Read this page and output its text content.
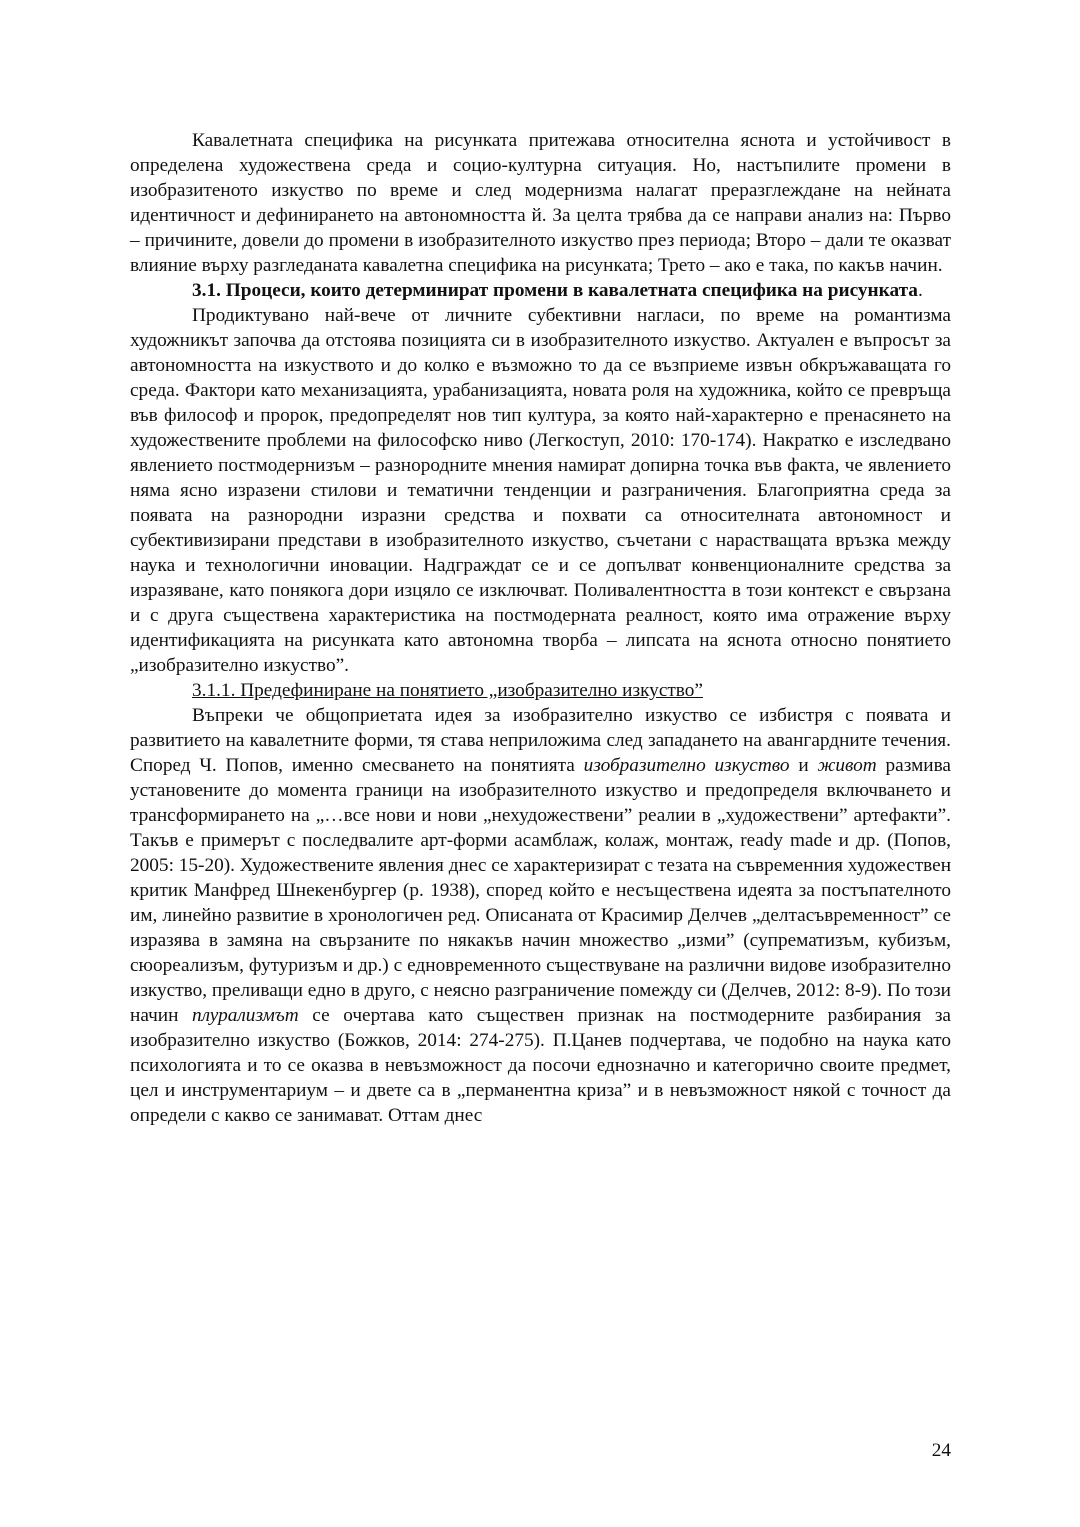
Кавалетната специфика на рисунката притежава относителна яснота и устойчивост в определена художествена среда и социо-културна ситуация. Но, настъпилите промени в изобразитеното изкуство по време и след модернизма налагат преразглеждане на нейната идентичност и дефинирането на автономността й. За целта трябва да се направи анализ на: Първо – причините, довели до промени в изобразителното изкуство през периода; Второ – дали те оказват влияние върху разгледаната кавалетна специфика на рисунката; Трето – ако е така, по какъв начин.

3.1. Процеси, които детерминират промени в кавалетната специфика на рисунката.

Продиктувано най-вече от личните субективни нагласи, по време на романтизма художникът започва да отстоява позицията си в изобразителното изкуство. Актуален е въпросът за автономността на изкуството и до колко е възможно то да се възприеме извън обкръжаващата го среда. Фактори като механизацията, урабанизацията, новата роля на художника, който се превръща във философ и пророк, предопределят нов тип култура, за която най-характерно е пренасянето на художествените проблеми на философско ниво (Легкоступ, 2010: 170-174). Накратко е изследвано явлението постмодернизъм – разнородните мнения намират допирна точка във факта, че явлението няма ясно изразени стилови и тематични тенденции и разграничения. Благоприятна среда за появата на разнородни изразни средства и похвати са относителната автономност и субективизирани представи в изобразителното изкуство, съчетани с нарастващата връзка между наука и технологични иновации. Надграждат се и се допълват конвенционалните средства за изразяване, като понякога дори изцяло се изключват. Поливалентността в този контекст е свързана и с друга съществена характеристика на постмодерната реалност, която има отражение върху идентификацията на рисунката като автономна творба – липсата на яснота относно понятието „изобразително изкуство”.

3.1.1. Предефиниране на понятието „изобразително изкуство”

Въпреки че общоприетата идея за изобразително изкуство се избистря с появата и развитието на кавалетните форми, тя става неприложима след западането на авангардните течения. Според Ч. Попов, именно смесването на понятията изобразително изкуство и живот размива установените до момента граници на изобразителното изкуство и предопределя включването и трансформирането на „…все нови и нови „нехудожествени” реалии в „художествени” артефакти”. Такъв е примерът с последвалите арт-форми асамблаж, колаж, монтаж, ready made и др. (Попов, 2005: 15-20). Художествените явления днес се характеризират с тезата на съвременния художествен критик Манфред Шнекенбургер (р. 1938), според който е несъществена идеята за постъпателното им, линейно развитие в хронологичен ред. Описаната от Красимир Делчев „делтасъвременност” се изразява в замяна на свързаните по някакъв начин множество „изми” (супрематизъм, кубизъм, сюореализъм, футуризъм и др.) с едновременното съществуване на различни видове изобразително изкуство, преливащи едно в друго, с неясно разграничение помежду си (Делчев, 2012: 8-9). По този начин плурализмът се очертава като съществен признак на постмодерните разбирания за изобразително изкуство (Божков, 2014: 274-275). П.Цанев подчертава, че подобно на наука като психологията и то се оказва в невъзможност да посочи еднозначно и категорично своите предмет, цел и инструментариум – и двете са в „перманентна криза” и в невъзможност някой с точност да определи с какво се занимават. Оттам днес

24
